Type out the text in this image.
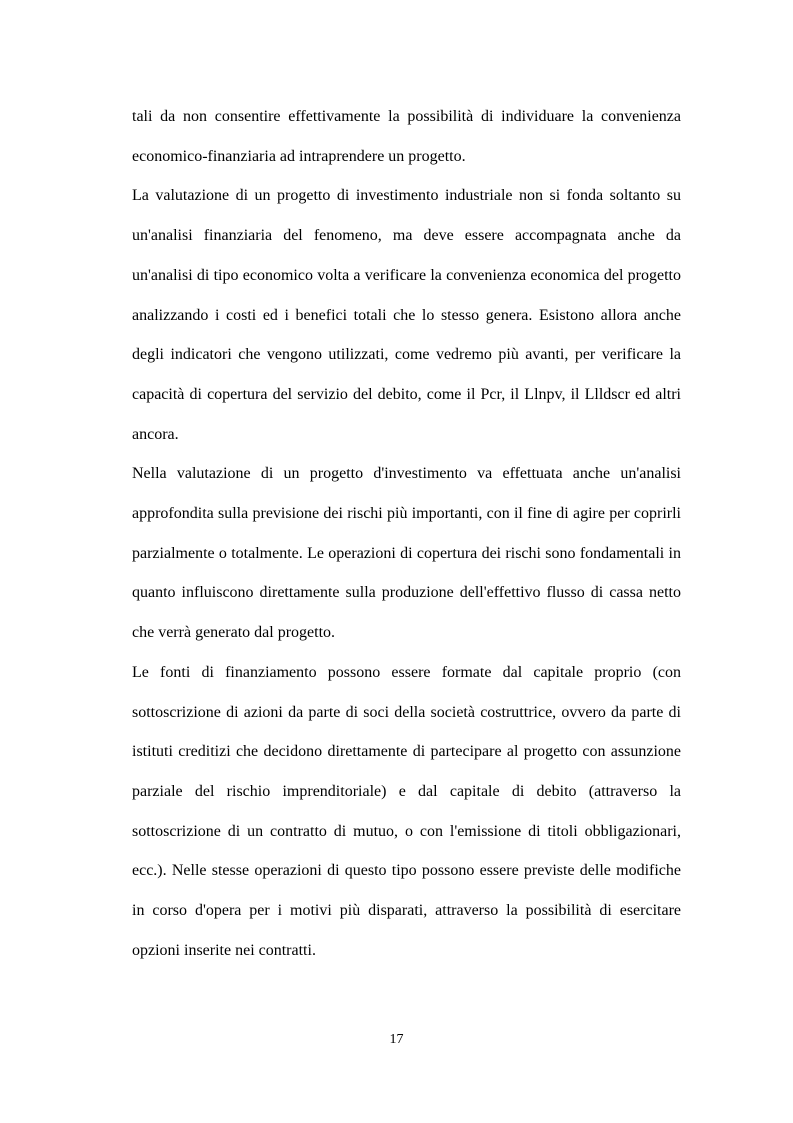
tali da non consentire effettivamente la possibilità di individuare la convenienza economico-finanziaria ad intraprendere un progetto.

La valutazione di un progetto di investimento industriale non si fonda soltanto su un'analisi finanziaria del fenomeno, ma deve essere accompagnata anche da un'analisi di tipo economico volta a verificare la convenienza economica del progetto analizzando i costi ed i benefici totali che lo stesso genera. Esistono allora anche degli indicatori che vengono utilizzati, come vedremo più avanti, per verificare la capacità di copertura del servizio del debito, come il Pcr, il Llnpv, il Llldscr ed altri ancora.

Nella valutazione di un progetto d'investimento va effettuata anche un'analisi approfondita sulla previsione dei rischi più importanti, con il fine di agire per coprirli parzialmente o totalmente. Le operazioni di copertura dei rischi sono fondamentali in quanto influiscono direttamente sulla produzione dell'effettivo flusso di cassa netto che verrà generato dal progetto.

Le fonti di finanziamento possono essere formate dal capitale proprio (con sottoscrizione di azioni da parte di soci della società costruttrice, ovvero da parte di istituti creditizi che decidono direttamente di partecipare al progetto con assunzione parziale del rischio imprenditoriale) e dal capitale di debito (attraverso la sottoscrizione di un contratto di mutuo, o con l'emissione di titoli obbligazionari, ecc.). Nelle stesse operazioni di questo tipo possono essere previste delle modifiche in corso d'opera per i motivi più disparati, attraverso la possibilità di esercitare opzioni inserite nei contratti.

17
